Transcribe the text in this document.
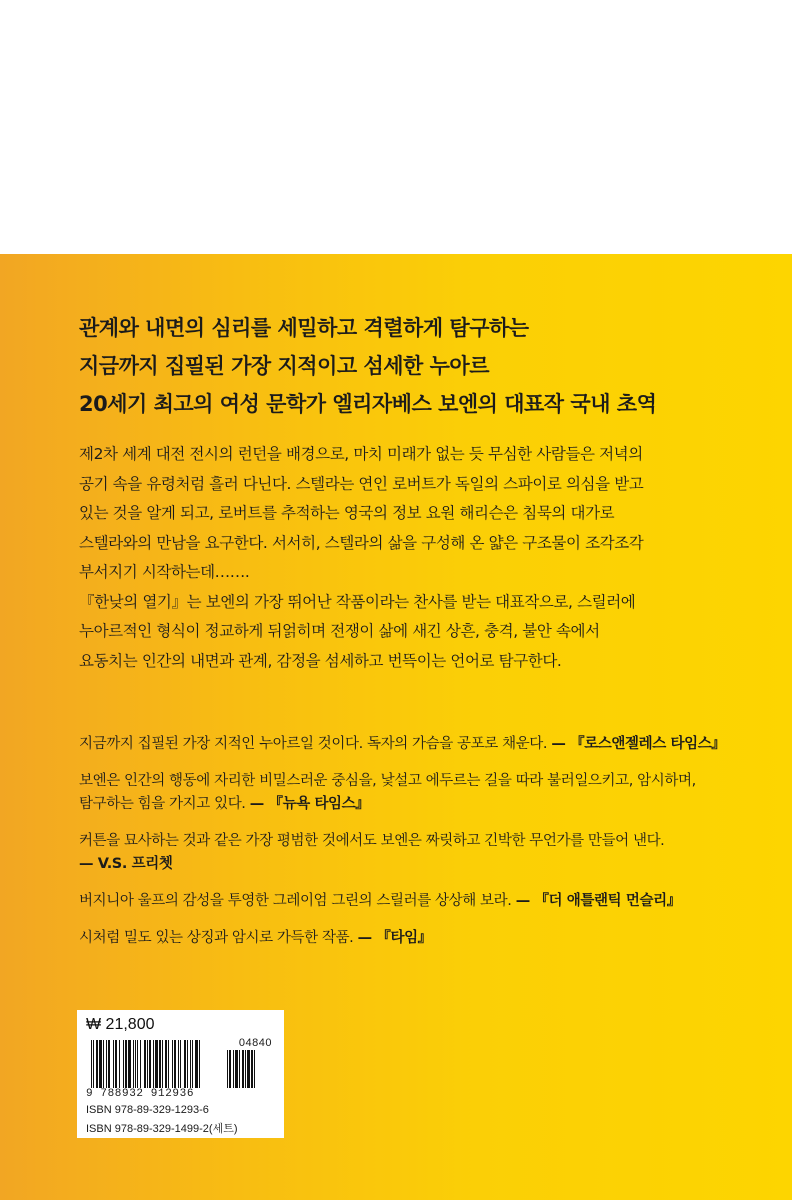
관계와 내면의 심리를 세밀하고 격렬하게 탐구하는
지금까지 집필된 가장 지적이고 섬세한 누아르
20세기 최고의 여성 문학가 엘리자베스 보엔의 대표작 국내 초역

제2차 세계 대전 전시의 런던을 배경으로, 마치 미래가 없는 듯 무심한 사람들은 저녁의

공기 속을 유령처럼 흘러 다닌다. 스텔라는 연인 로버트가 독일의 스파이로 의심을 받고

있는 것을 알게 되고, 로버트를 추적하는 영국의 정보 요원 해리슨은 침묵의 대가로

스텔라와의 만남을 요구한다. 서서히, 스텔라의 삶을 구성해 온 얇은 구조물이 조각조각

부서지기 시작하는데…….

『한낮의 열기』는 보엔의 가장 뛰어난 작품이라는 찬사를 받는 대표작으로, 스릴러에

누아르적인 형식이 정교하게 뒤얽히며 전쟁이 삶에 새긴 상흔, 충격, 불안 속에서

요동치는 인간의 내면과 관계, 감정을 섬세하고 번뜩이는 언어로 탐구한다.

지금까지 집필된 가장 지적인 누아르일 것이다. 독자의 가슴을 공포로 채운다. — 『로스앤젤레스 타임스』
보엔은 인간의 행동에 자리한 비밀스러운 중심을, 낯설고 에두르는 길을 따라 불러일으키고, 암시하며,
탐구하는 힘을 가지고 있다. — 『뉴욕 타임스』
커튼을 묘사하는 것과 같은 가장 평범한 것에서도 보엔은 짜릿하고 긴박한 무언가를 만들어 낸다.
— V.S. 프리쳇
버지니아 울프의 감성을 투영한 그레이엄 그린의 스릴러를 상상해 보라. — 『더 애틀랜틱 먼슬리』
시처럼 밀도 있는 상징과 암시로 가득한 작품. — 『타임』
₩ 21,800
04840
9 788932 912936
ISBN 978-89-329-1293-6
ISBN 978-89-329-1499-2(세트)
